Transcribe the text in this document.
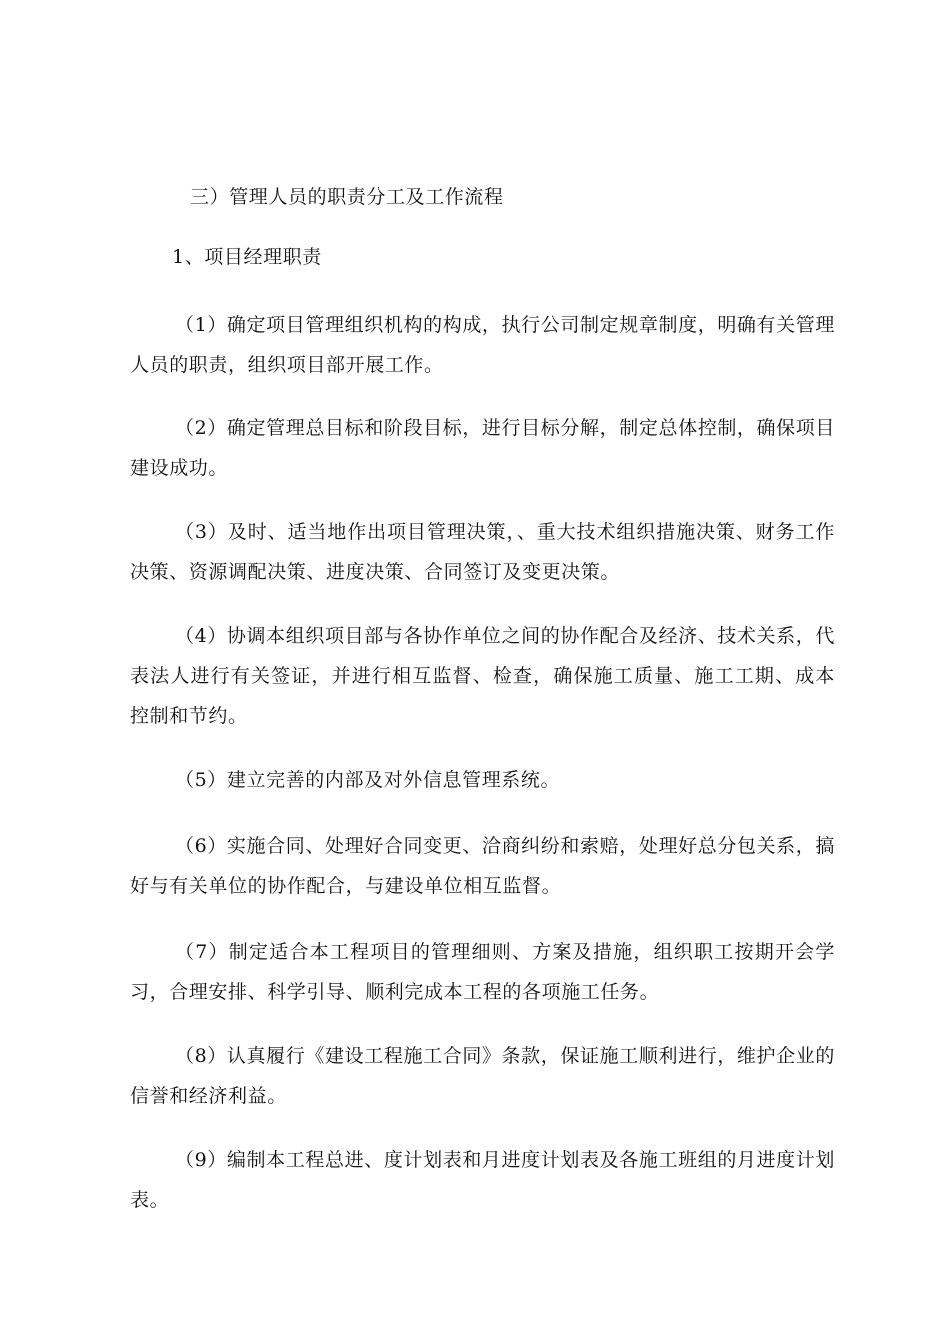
三）管理人员的职责分工及工作流程
1、项目经理职责
（1）确定项目管理组织机构的构成，执行公司制定规章制度，明确有关管理人员的职责，组织项目部开展工作。
（2）确定管理总目标和阶段目标，进行目标分解，制定总体控制，确保项目建设成功。
（3）及时、适当地作出项目管理决策，、重大技术组织措施决策、财务工作决策、资源调配决策、进度决策、合同签订及变更决策。
（4）协调本组织项目部与各协作单位之间的协作配合及经济、技术关系，代表法人进行有关签证，并进行相互监督、检查，确保施工质量、施工工期、成本控制和节约。
（5）建立完善的内部及对外信息管理系统。
（6）实施合同、处理好合同变更、洽商纠纷和索赔，处理好总分包关系，搞好与有关单位的协作配合，与建设单位相互监督。
（7）制定适合本工程项目的管理细则、方案及措施，组织职工按期开会学习，合理安排、科学引导、顺利完成本工程的各项施工任务。
（8）认真履行《建设工程施工合同》条款，保证施工顺利进行，维护企业的信誉和经济利益。
（9）编制本工程总进、度计划表和月进度计划表及各施工班组的月进度计划表。
